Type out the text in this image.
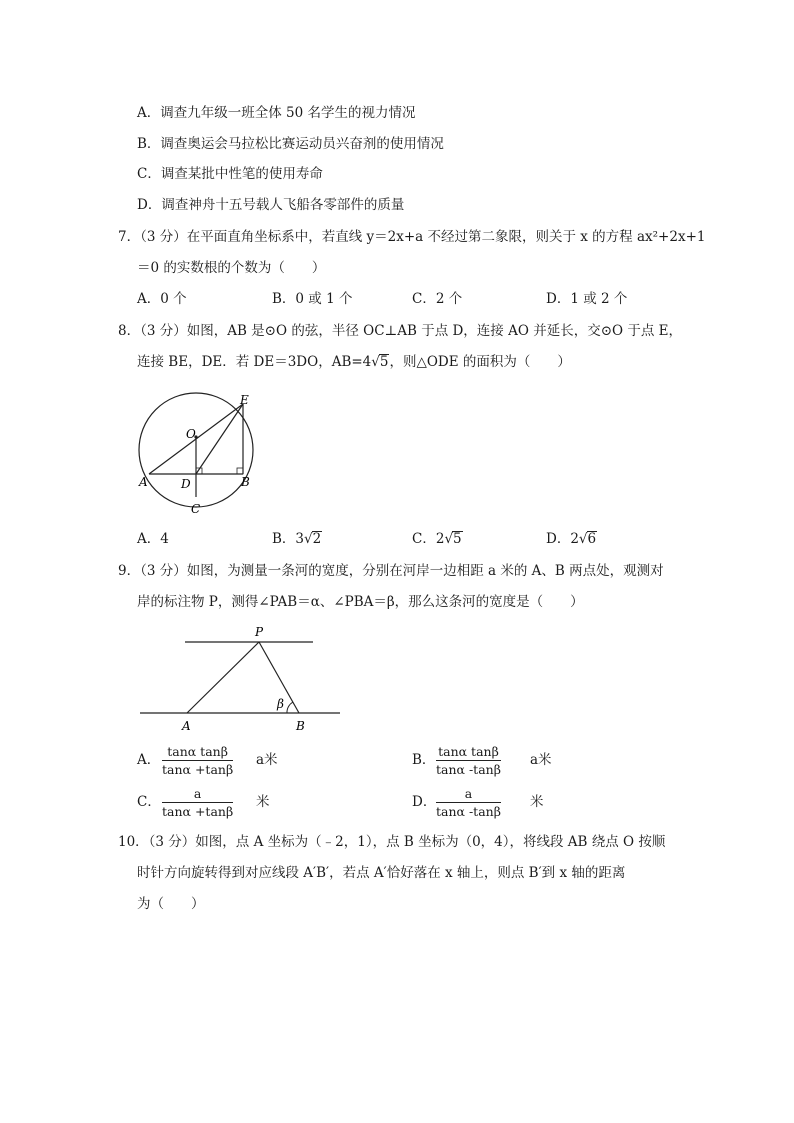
A．调查九年级一班全体 50 名学生的视力情况
B．调查奥运会马拉松比赛运动员兴奋剂的使用情况
C．调查某批中性笔的使用寿命
D．调查神舟十五号载人飞船各零部件的质量
7．（3 分）在平面直角坐标系中，若直线 y＝2x+a 不经过第二象限，则关于 x 的方程 ax²+2x+1
＝0 的实数根的个数为（　　）
A．0 个	B．0 或 1 个	C．2 个	D．1 或 2 个
8．（3 分）如图，AB 是⊙O 的弦，半径 OC⊥AB 于点 D，连接 AO 并延长，交⊙O 于点 E，
连接 BE，DE．若 DE＝3DO，AB=4√5，则△ODE 的面积为（　　）
E
O
A	D	B
C
A．4	B．3√2	C．2√5	D．2√6
9．（3 分）如图，为测量一条河的宽度，分别在河岸一边相距 a 米的 A、B 两点处，观测对
岸的标注物 P，测得∠PAB＝α、∠PBA＝β，那么这条河的宽度是（　　）
P
A	B
β
A．
tanα tanβ
tanα +tanβ
a米	B．
tanα tanβ
tanα -tanβ
a米
C．
a
tanα +tanβ
米	D．
a
tanα -tanβ
米
10．（3 分）如图，点 A 坐标为（﹣2，1），点 B 坐标为（0，4），将线段 AB 绕点 O 按顺
时针方向旋转得到对应线段 A′B′，若点 A′恰好落在 x 轴上，则点 B′到 x 轴的距离
为（　　）
